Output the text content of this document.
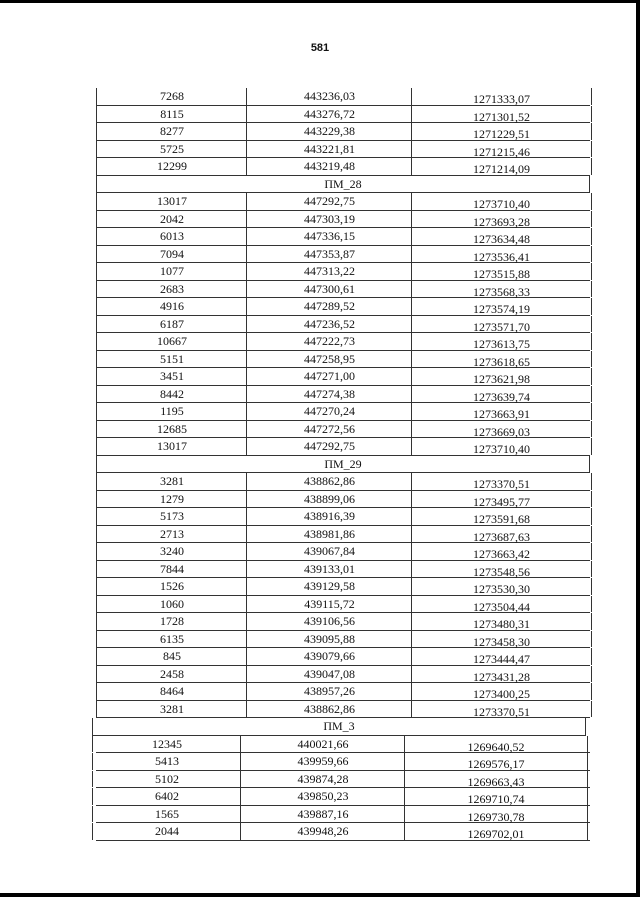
581
7268	443236,03	1271333,07
8115	443276,72	1271301,52
8277	443229,38	1271229,51
5725	443221,81	1271215,46
12299	443219,48	1271214,09
ПМ_28
13017	447292,75	1273710,40
2042	447303,19	1273693,28
6013	447336,15	1273634,48
7094	447353,87	1273536,41
1077	447313,22	1273515,88
2683	447300,61	1273568,33
4916	447289,52	1273574,19
6187	447236,52	1273571,70
10667	447222,73	1273613,75
5151	447258,95	1273618,65
3451	447271,00	1273621,98
8442	447274,38	1273639,74
1195	447270,24	1273663,91
12685	447272,56	1273669,03
13017	447292,75	1273710,40
ПМ_29
3281	438862,86	1273370,51
1279	438899,06	1273495,77
5173	438916,39	1273591,68
2713	438981,86	1273687,63
3240	439067,84	1273663,42
7844	439133,01	1273548,56
1526	439129,58	1273530,30
1060	439115,72	1273504,44
1728	439106,56	1273480,31
6135	439095,88	1273458,30
845	439079,66	1273444,47
2458	439047,08	1273431,28
8464	438957,26	1273400,25
3281	438862,86	1273370,51
ПМ_3
12345	440021,66	1269640,52
5413	439959,66	1269576,17
5102	439874,28	1269663,43
6402	439850,23	1269710,74
1565	439887,16	1269730,78
2044	439948,26	1269702,01
